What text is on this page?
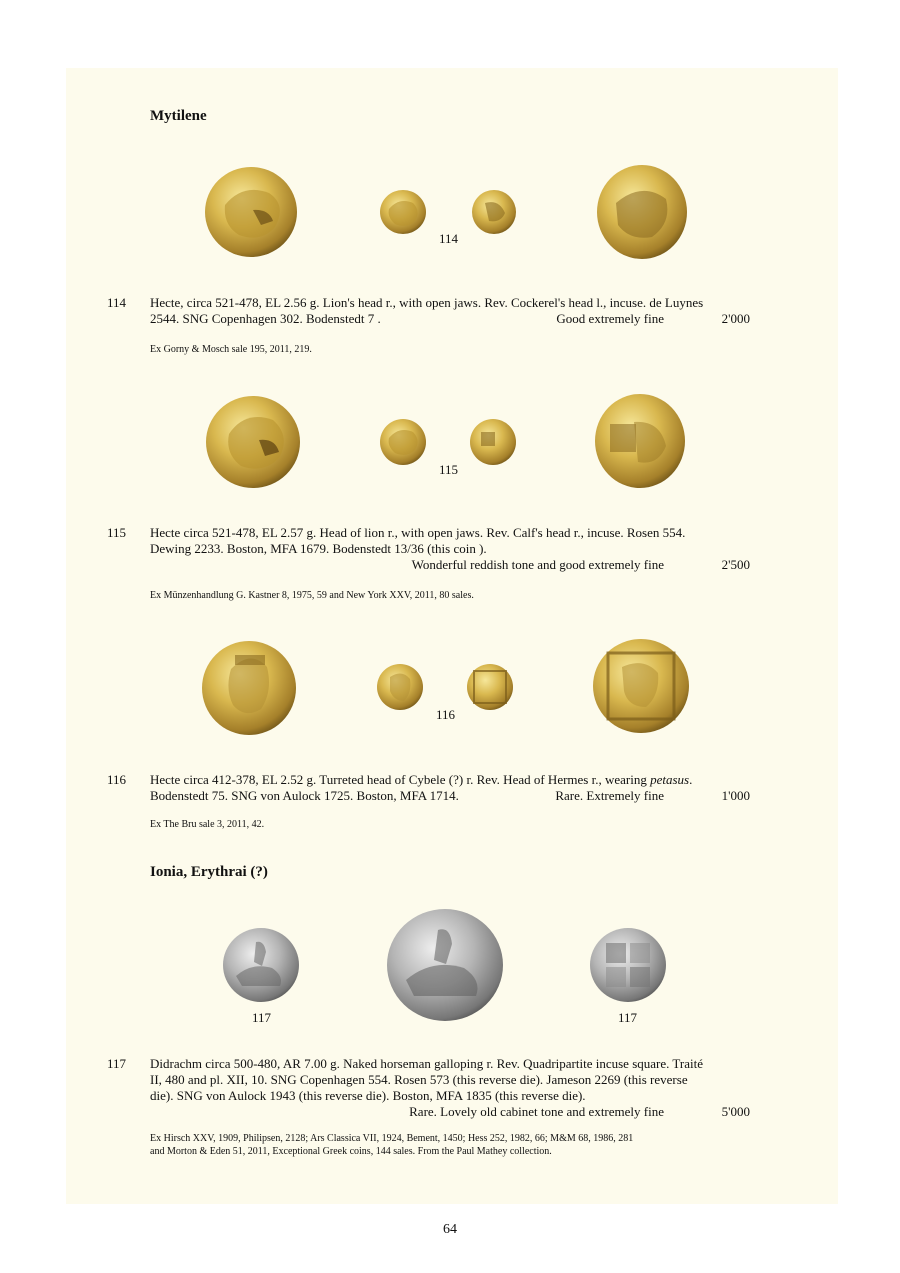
Mytilene
114
114 Hecte, circa 521-478, EL 2.56 g. Lion's head r., with open jaws. Rev. Cockerel's head l., incuse. de Luynes
2544. SNG Copenhagen 302. Bodenstedt 7 .	Good extremely fine	2'000
Ex Gorny & Mosch sale 195, 2011, 219.
115
115 Hecte circa 521-478, EL 2.57 g. Head of lion r., with open jaws. Rev. Calf's head r., incuse. Rosen 554.
Dewing 2233. Boston, MFA 1679. Bodenstedt 13/36 (this coin ).
Wonderful reddish tone and good extremely fine	2'500
Ex Münzenhandlung G. Kastner 8, 1975, 59 and New York XXV, 2011, 80 sales.
116
116 Hecte circa 412-378, EL 2.52 g. Turreted head of Cybele (?) r. Rev. Head of Hermes r., wearing petasus.
Bodenstedt 75. SNG von Aulock 1725. Boston, MFA 1714.	Rare. Extremely fine	1'000
Ex The Bru sale 3, 2011, 42.
Ionia, Erythrai (?)
117	117
117 Didrachm circa 500-480, AR 7.00 g. Naked horseman galloping r. Rev. Quadripartite incuse square. Traité
II, 480 and pl. XII, 10. SNG Copenhagen 554. Rosen 573 (this reverse die). Jameson 2269 (this reverse
die). SNG von Aulock 1943 (this reverse die). Boston, MFA 1835 (this reverse die).
Rare. Lovely old cabinet tone and extremely fine	5'000
Ex Hirsch XXV, 1909, Philipsen, 2128; Ars Classica VII, 1924, Bement, 1450; Hess 252, 1982, 66; M&M 68, 1986, 281
and Morton & Eden 51, 2011, Exceptional Greek coins, 144 sales. From the Paul Mathey collection.
64
